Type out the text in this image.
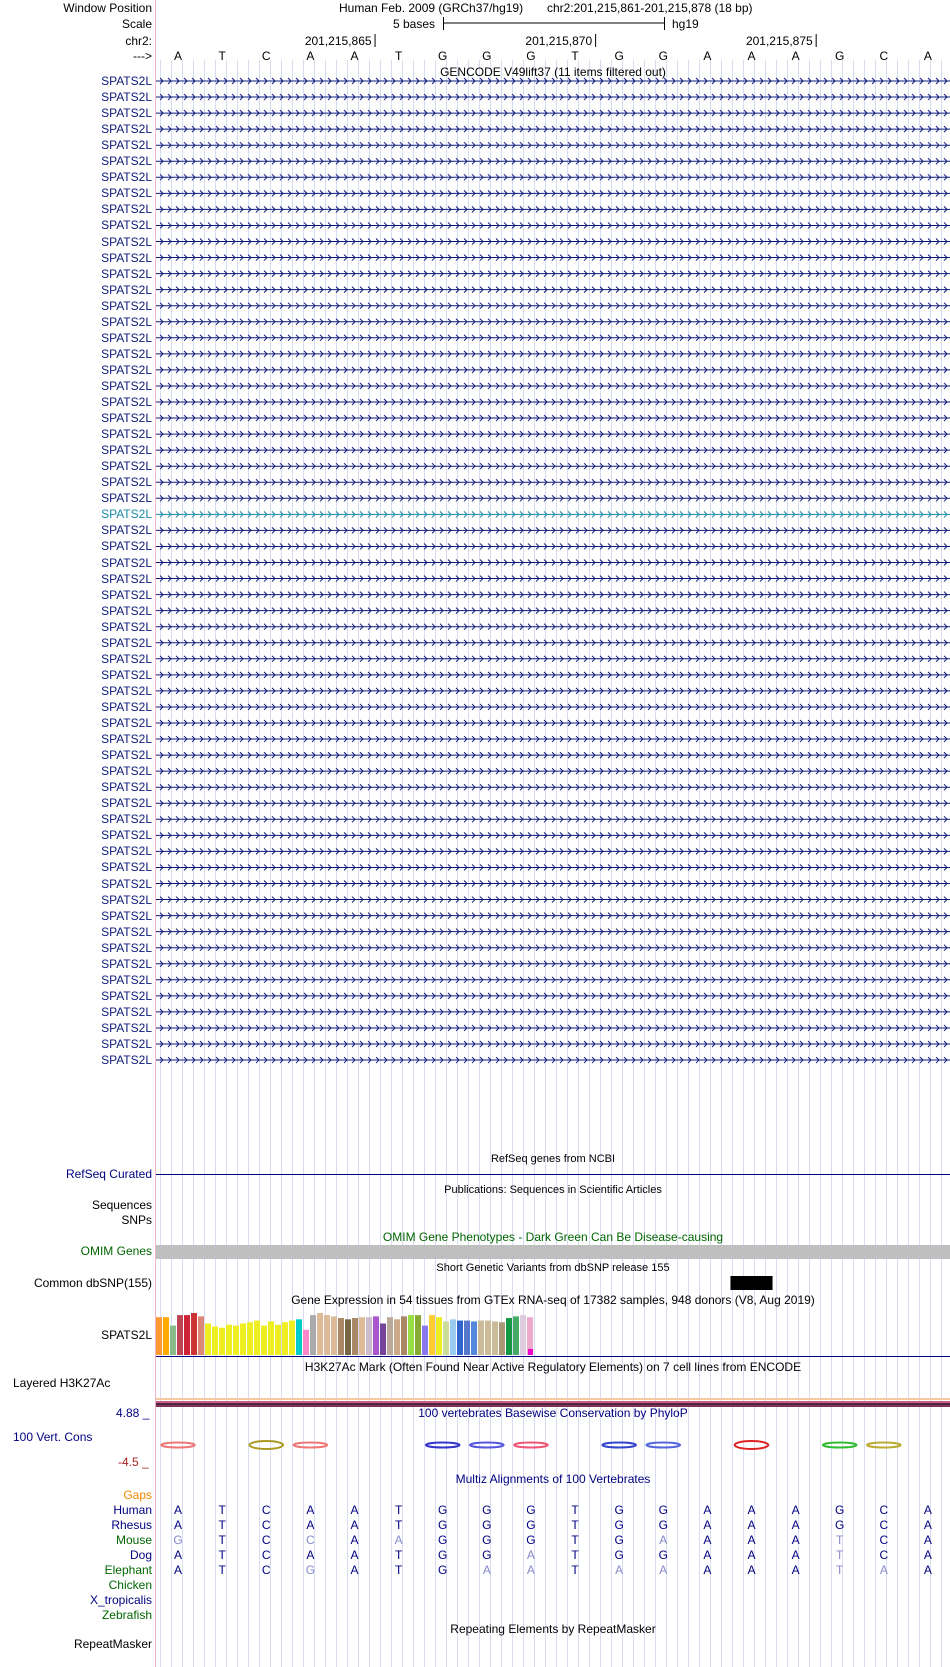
Window Position
Scale
chr2:
--->
Human Feb. 2009 (GRCh37/hg19) chr2:201,215,861-201,215,878 (18 bp)
5 bases	hg19
201,215,865	201,215,870	201,215,875
A	T	C	A	A	T	G	G	G	T	G	G	A	A	A	G	C	A
GENCODE V49lift37 (11 items filtered out)
SPATS2L
SPATS2L
SPATS2L
SPATS2L
SPATS2L
SPATS2L
SPATS2L
SPATS2L
SPATS2L
SPATS2L
SPATS2L
SPATS2L
SPATS2L
SPATS2L
SPATS2L
SPATS2L
SPATS2L
SPATS2L
SPATS2L
SPATS2L
SPATS2L
SPATS2L
SPATS2L
SPATS2L
SPATS2L
SPATS2L
SPATS2L
SPATS2L
SPATS2L
SPATS2L
SPATS2L
SPATS2L
SPATS2L
SPATS2L
SPATS2L
SPATS2L
SPATS2L
SPATS2L
SPATS2L
SPATS2L
SPATS2L
SPATS2L
SPATS2L
SPATS2L
SPATS2L
SPATS2L
SPATS2L
SPATS2L
SPATS2L
SPATS2L
SPATS2L
SPATS2L
SPATS2L
SPATS2L
SPATS2L
SPATS2L
SPATS2L
SPATS2L
SPATS2L
SPATS2L
SPATS2L
SPATS2L
RefSeq genes from NCBI
RefSeq Curated
Publications: Sequences in Scientific Articles
Sequences
SNPs
OMIM Gene Phenotypes - Dark Green Can Be Disease-causing
OMIM Genes
Short Genetic Variants from dbSNP release 155
Common dbSNP(155)
Gene Expression in 54 tissues from GTEx RNA-seq of 17382 samples, 948 donors (V8, Aug 2019)
SPATS2L
H3K27Ac Mark (Often Found Near Active Regulatory Elements) on 7 cell lines from ENCODE
Layered H3K27Ac
100 vertebrates Basewise Conservation by PhyloP
4.88 _
100 Vert. Cons
-4.5 _
Multiz Alignments of 100 Vertebrates
Gaps
Human A	T	C	A	A	T	G	G	G	T	G	G	A	A	A	G	C	A
Rhesus A	T	C	A	A	T	G	G	G	T	G	G	A	A	A	G	C	A
Mouse G	T	C	C	A	A	G	G	G	T	G	A	A	A	A	T	C	A
Dog A	T	C	A	A	T	G	G	A	T	G	G	A	A	A	T	C	A
Elephant A	T	C	G	A	T	G	A	A	T	A	A	A	A	A	T	A	A
Chicken
X_tropicalis
Zebrafish
Repeating Elements by RepeatMasker
RepeatMasker
